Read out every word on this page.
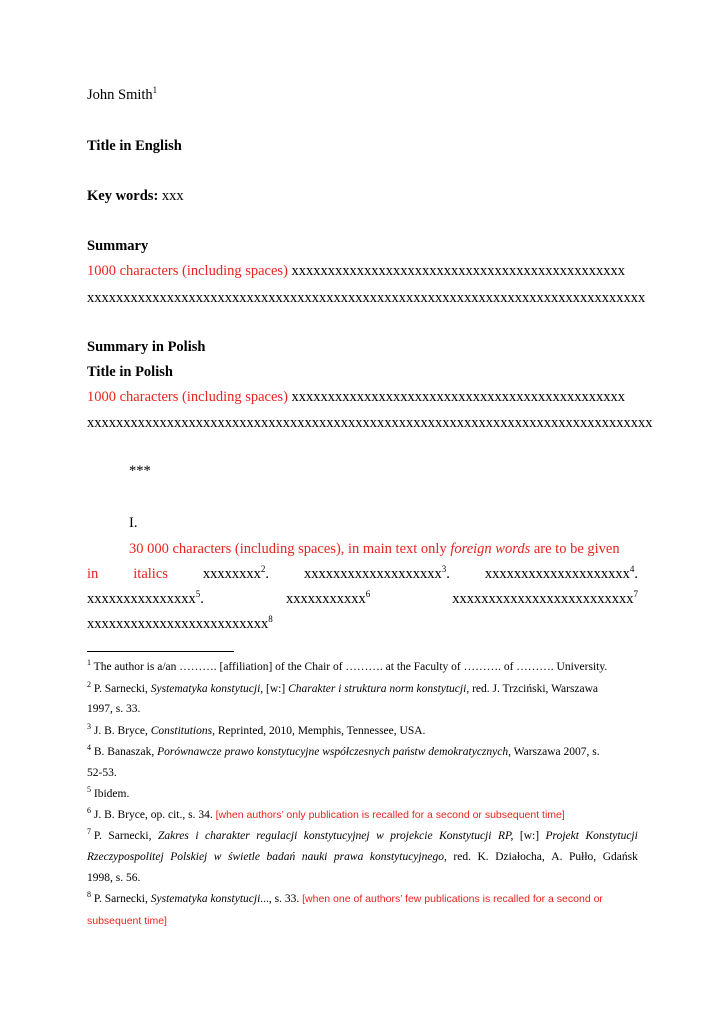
John Smith$^1$
Title in English
Key words: xxx
Summary
1000 characters (including spaces) xxxxxxxxxxxxxxxxxxxxxxxxxxxxxxxxxxxxxxxxxxxxxx
xxxxxxxxxxxxxxxxxxxxxxxxxxxxxxxxxxxxxxxxxxxxxxxxxxxxxxxxxxxxxxxxxxxxxxxxxxxxx
Summary in Polish
Title in Polish
1000 characters (including spaces) xxxxxxxxxxxxxxxxxxxxxxxxxxxxxxxxxxxxxxxxxxxxxx
xxxxxxxxxxxxxxxxxxxxxxxxxxxxxxxxxxxxxxxxxxxxxxxxxxxxxxxxxxxxxxxxxxxxxxxxxxxxxx
***
I.
30 000 characters (including spaces), in main text only foreign words are to be given
in italics xxxxxxxx$^2$. xxxxxxxxxxxxxxxxxxx$^3$. xxxxxxxxxxxxxxxxxxxx$^4$.
xxxxxxxxxxxxxxx$^5$.	xxxxxxxxxxx$^6$	xxxxxxxxxxxxxxxxxxxxxxxxx$^7$
xxxxxxxxxxxxxxxxxxxxxxxxx$^8$
$^1$ The author is a/an ………. [affiliation] of the Chair of ………. at the Faculty of ………. of ………. University.
$^2$ P. Sarnecki, Systematyka konstytucji, [w:] Charakter i struktura norm konstytucji, red. J. Trzciński, Warszawa
1997, s. 33.
$^3$ J. B. Bryce, Constitutions, Reprinted, 2010, Memphis, Tennessee, USA.
$^4$ B. Banaszak, Porównawcze prawo konstytucyjne współczesnych państw demokratycznych, Warszawa 2007, s.
52-53.
$^5$ Ibidem.
$^6$ J. B. Bryce, op. cit., s. 34. [when authors’ only publication is recalled for a second or subsequent time]
$^7$ P. Sarnecki, Zakres i charakter regulacji konstytucyjnej w projekcie Konstytucji RP, [w:] Projekt Konstytucji
Rzeczypospolitej Polskiej w świetle badań nauki prawa konstytucyjnego, red. K. Działocha, A. Pułło, Gdańsk
1998, s. 56.
$^8$ P. Sarnecki, Systematyka konstytucji..., s. 33. [when one of authors’ few publications is recalled for a second or
subsequent time]
